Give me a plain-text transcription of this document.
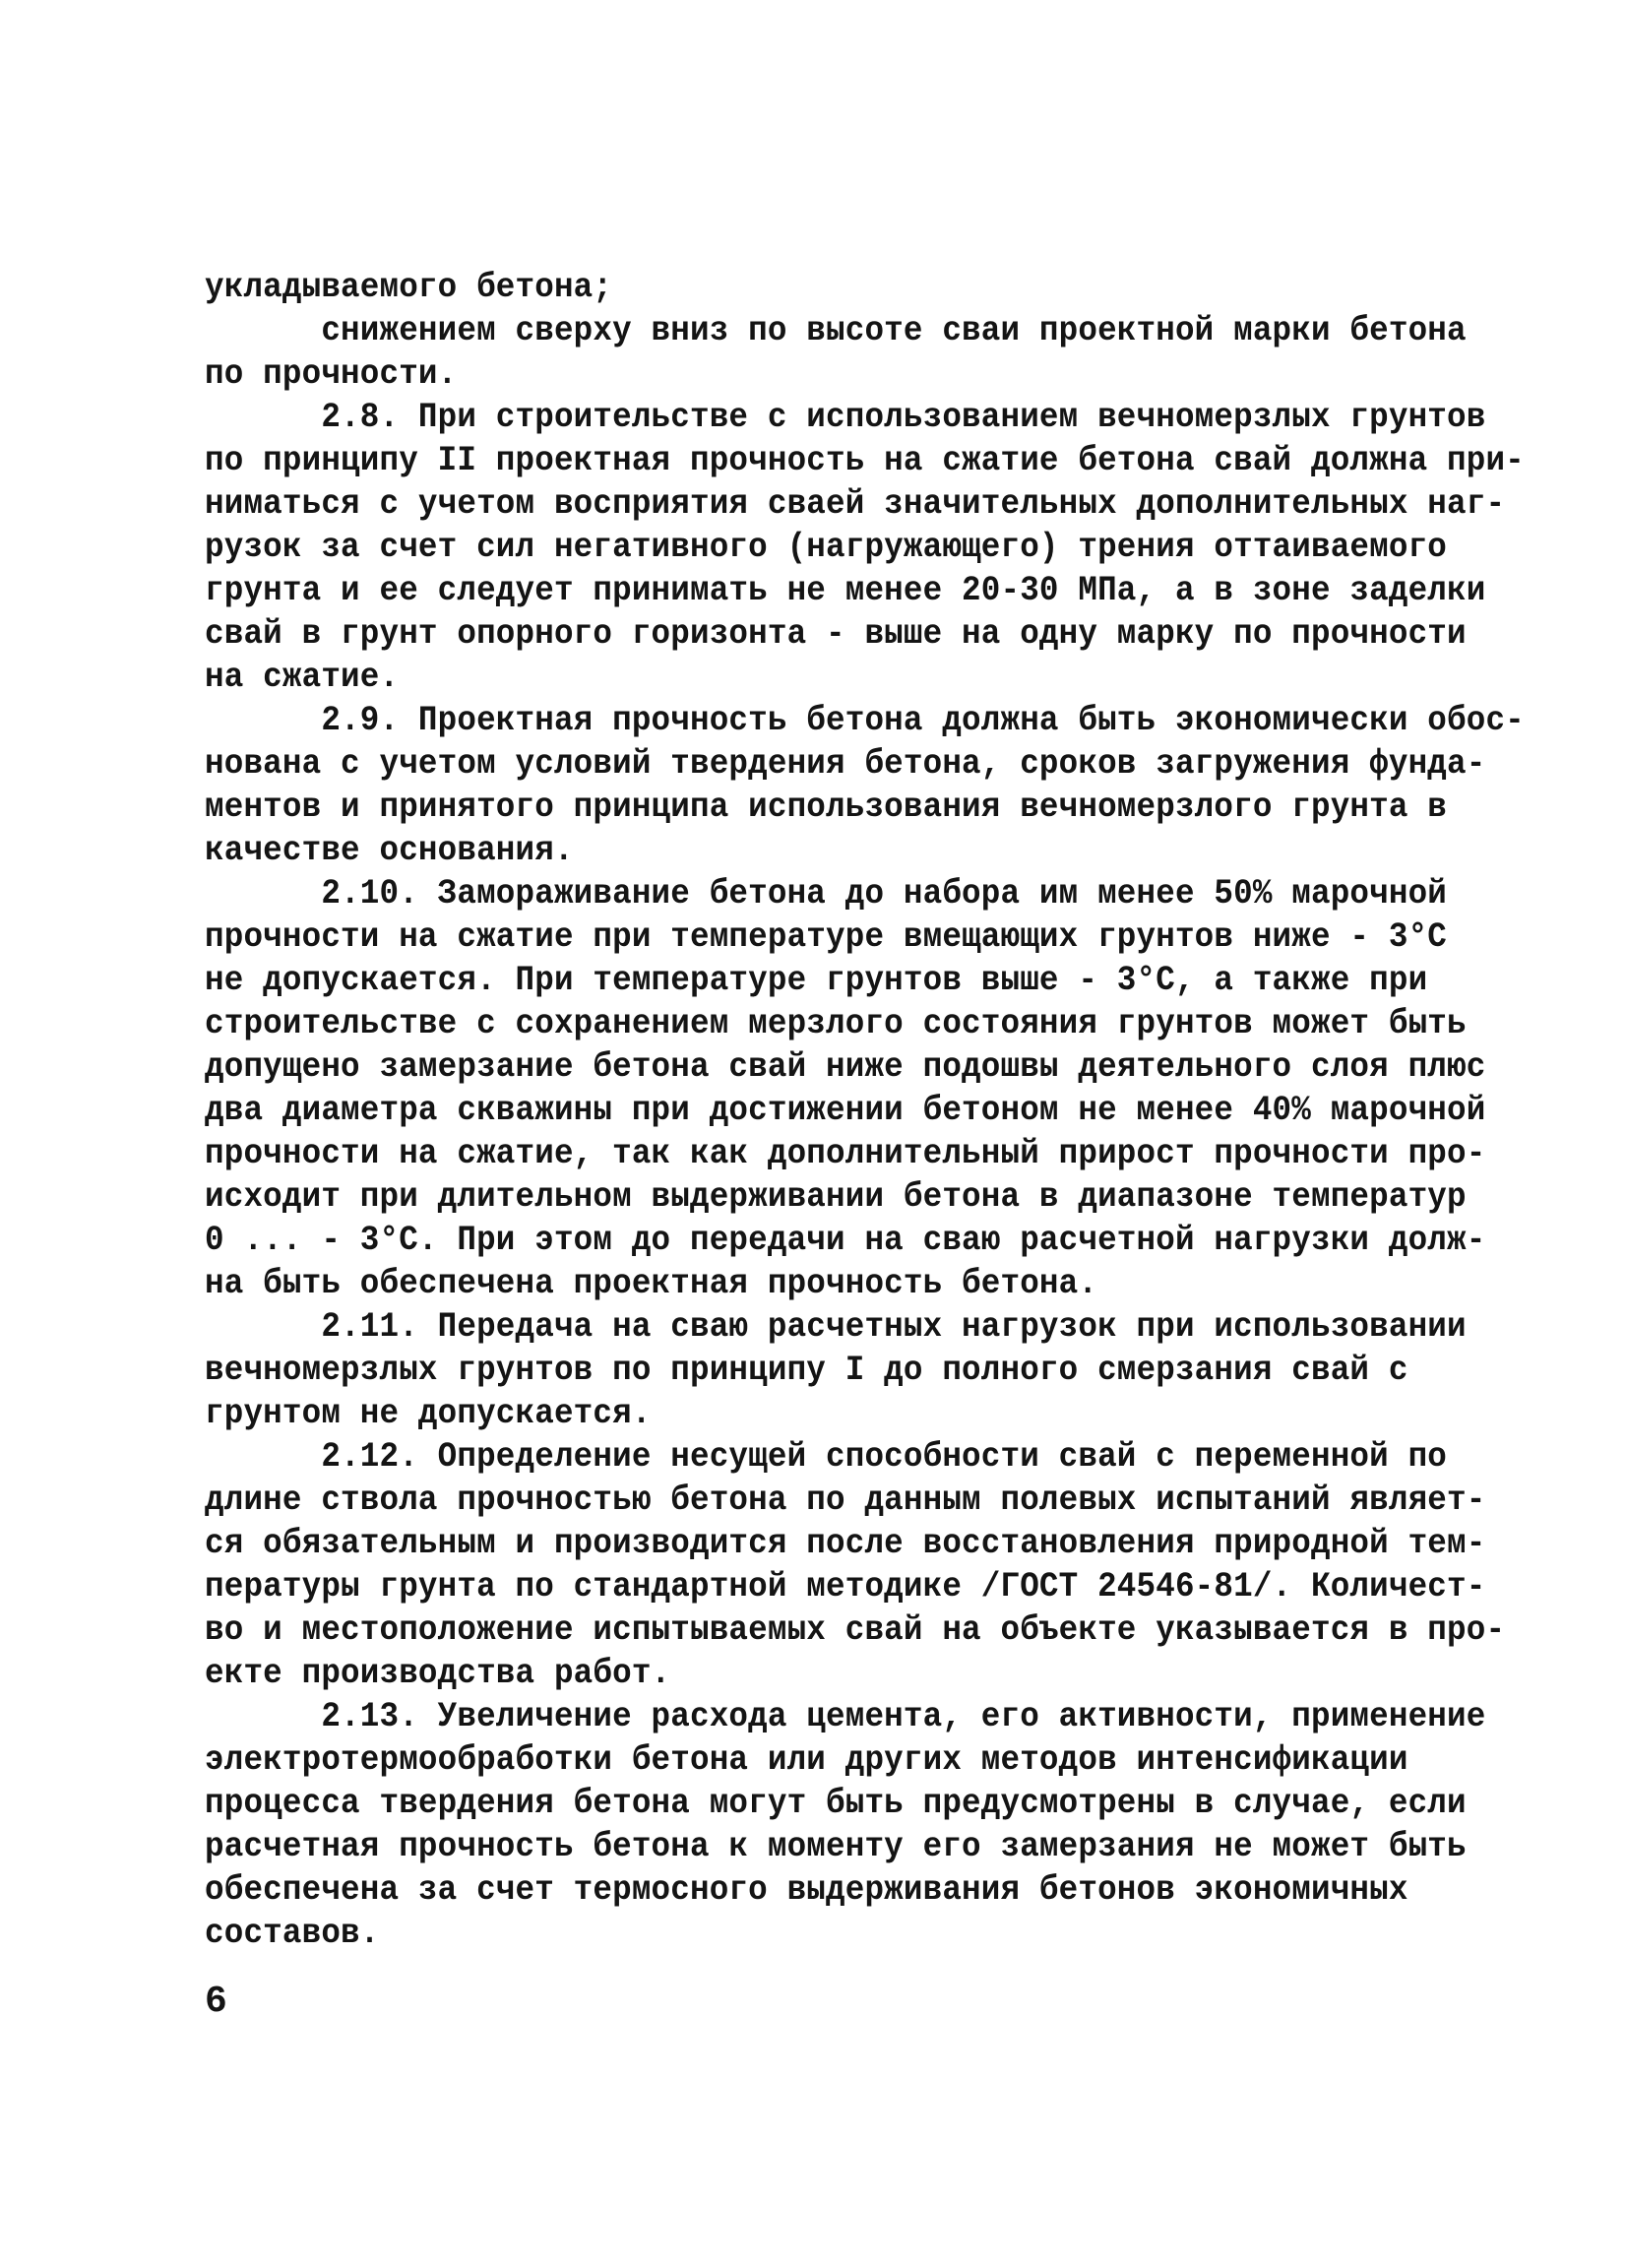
укладываемого бетона;
снижением сверху вниз по высоте сваи проектной марки бетона
по прочности.
2.8. При строительстве с использованием вечномерзлых грунтов
по принципу II проектная прочность на сжатие бетона свай должна при-
ниматься с учетом восприятия сваей значительных дополнительных наг-
рузок за счет сил негативного (нагружающего) трения оттаиваемого
грунта и ее следует принимать не менее 20-30 МПа, а в зоне заделки
свай в грунт опорного горизонта - выше на одну марку по прочности
на сжатие.
2.9. Проектная прочность бетона должна быть экономически обос-
нована с учетом условий твердения бетона, сроков загружения фунда-
ментов и принятого принципа использования вечномерзлого грунта в
качестве основания.
2.10. Замораживание бетона до набора им менее 50% марочной
прочности на сжатие при температуре вмещающих грунтов ниже - 3°С
не допускается. При температуре грунтов выше - 3°С, а также при
строительстве с сохранением мерзлого состояния грунтов может быть
допущено замерзание бетона свай ниже подошвы деятельного слоя плюс
два диаметра скважины при достижении бетоном не менее 40% марочной
прочности на сжатие, так как дополнительный прирост прочности про-
исходит при длительном выдерживании бетона в диапазоне температур
0 ... - 3°С. При этом до передачи на сваю расчетной нагрузки долж-
на быть обеспечена проектная прочность бетона.
2.11. Передача на сваю расчетных нагрузок при использовании
вечномерзлых грунтов по принципу I до полного смерзания свай с
грунтом не допускается.
2.12. Определение несущей способности свай с переменной по
длине ствола прочностью бетона по данным полевых испытаний являет-
ся обязательным и производится после восстановления природной тем-
пературы грунта по стандартной методике /ГОСТ 24546-81/. Количест-
во и местоположение испытываемых свай на объекте указывается в про-
екте производства работ.
2.13. Увеличение расхода цемента, его активности, применение
электротермообработки бетона или других методов интенсификации
процесса твердения бетона могут быть предусмотрены в случае, если
расчетная прочность бетона к моменту его замерзания не может быть
обеспечена за счет термосного выдерживания бетонов экономичных
составов.
6
